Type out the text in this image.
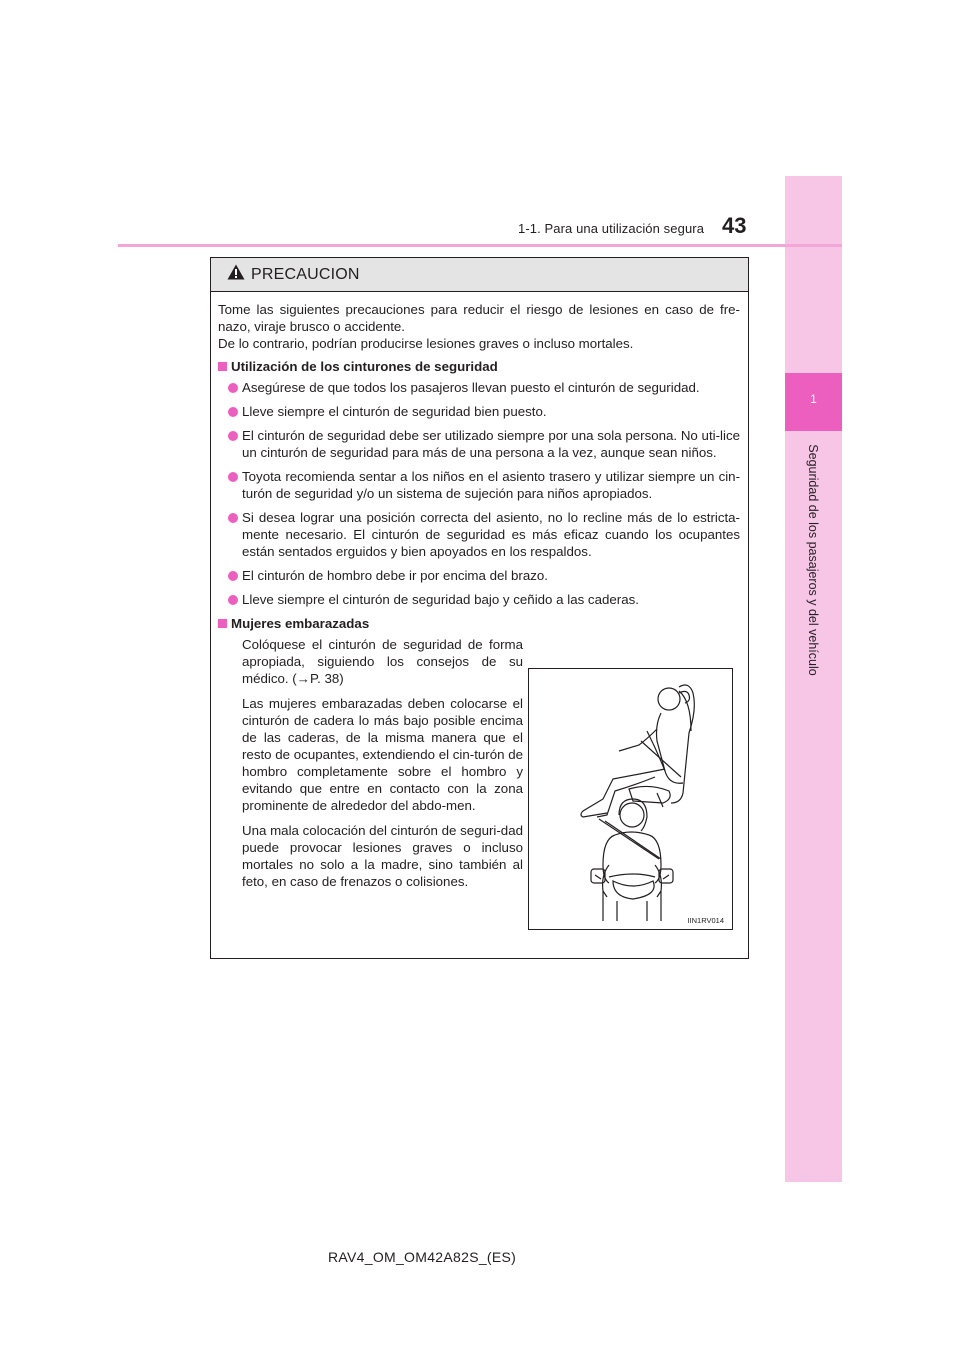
1
Seguridad de los pasajeros y del vehículo
1-1. Para una utilización segura 43
PRECAUCION

Tome las siguientes precauciones para reducir el riesgo de lesiones en caso de fre-nazo, viraje brusco o accidente.

De lo contrario, podrían producirse lesiones graves o incluso mortales.

Utilización de los cinturones de seguridad

Asegúrese de que todos los pasajeros llevan puesto el cinturón de seguridad.

Lleve siempre el cinturón de seguridad bien puesto.

El cinturón de seguridad debe ser utilizado siempre por una sola persona. No uti-lice un cinturón de seguridad para más de una persona a la vez, aunque sean niños.

Toyota recomienda sentar a los niños en el asiento trasero y utilizar siempre un cin-turón de seguridad y/o un sistema de sujeción para niños apropiados.

Si desea lograr una posición correcta del asiento, no lo recline más de lo estricta-mente necesario. El cinturón de seguridad es más eficaz cuando los ocupantes están sentados erguidos y bien apoyados en los respaldos.

El cinturón de hombro debe ir por encima del brazo.

Lleve siempre el cinturón de seguridad bajo y ceñido a las caderas.

Mujeres embarazadas

Colóquese el cinturón de seguridad de forma apropiada, siguiendo los consejos de su médico. (→P. 38)

Las mujeres embarazadas deben colocarse el cinturón de cadera lo más bajo posible encima de las caderas, de la misma manera que el resto de ocupantes, extendiendo el cin-turón de hombro completamente sobre el hombro y evitando que entre en contacto con la zona prominente de alrededor del abdo-men.

Una mala colocación del cinturón de seguri-dad puede provocar lesiones graves o incluso mortales no solo a la madre, sino también al feto, en caso de frenazos o colisiones.

IIN1RV014
RAV4_OM_OM42A82S_(ES)
